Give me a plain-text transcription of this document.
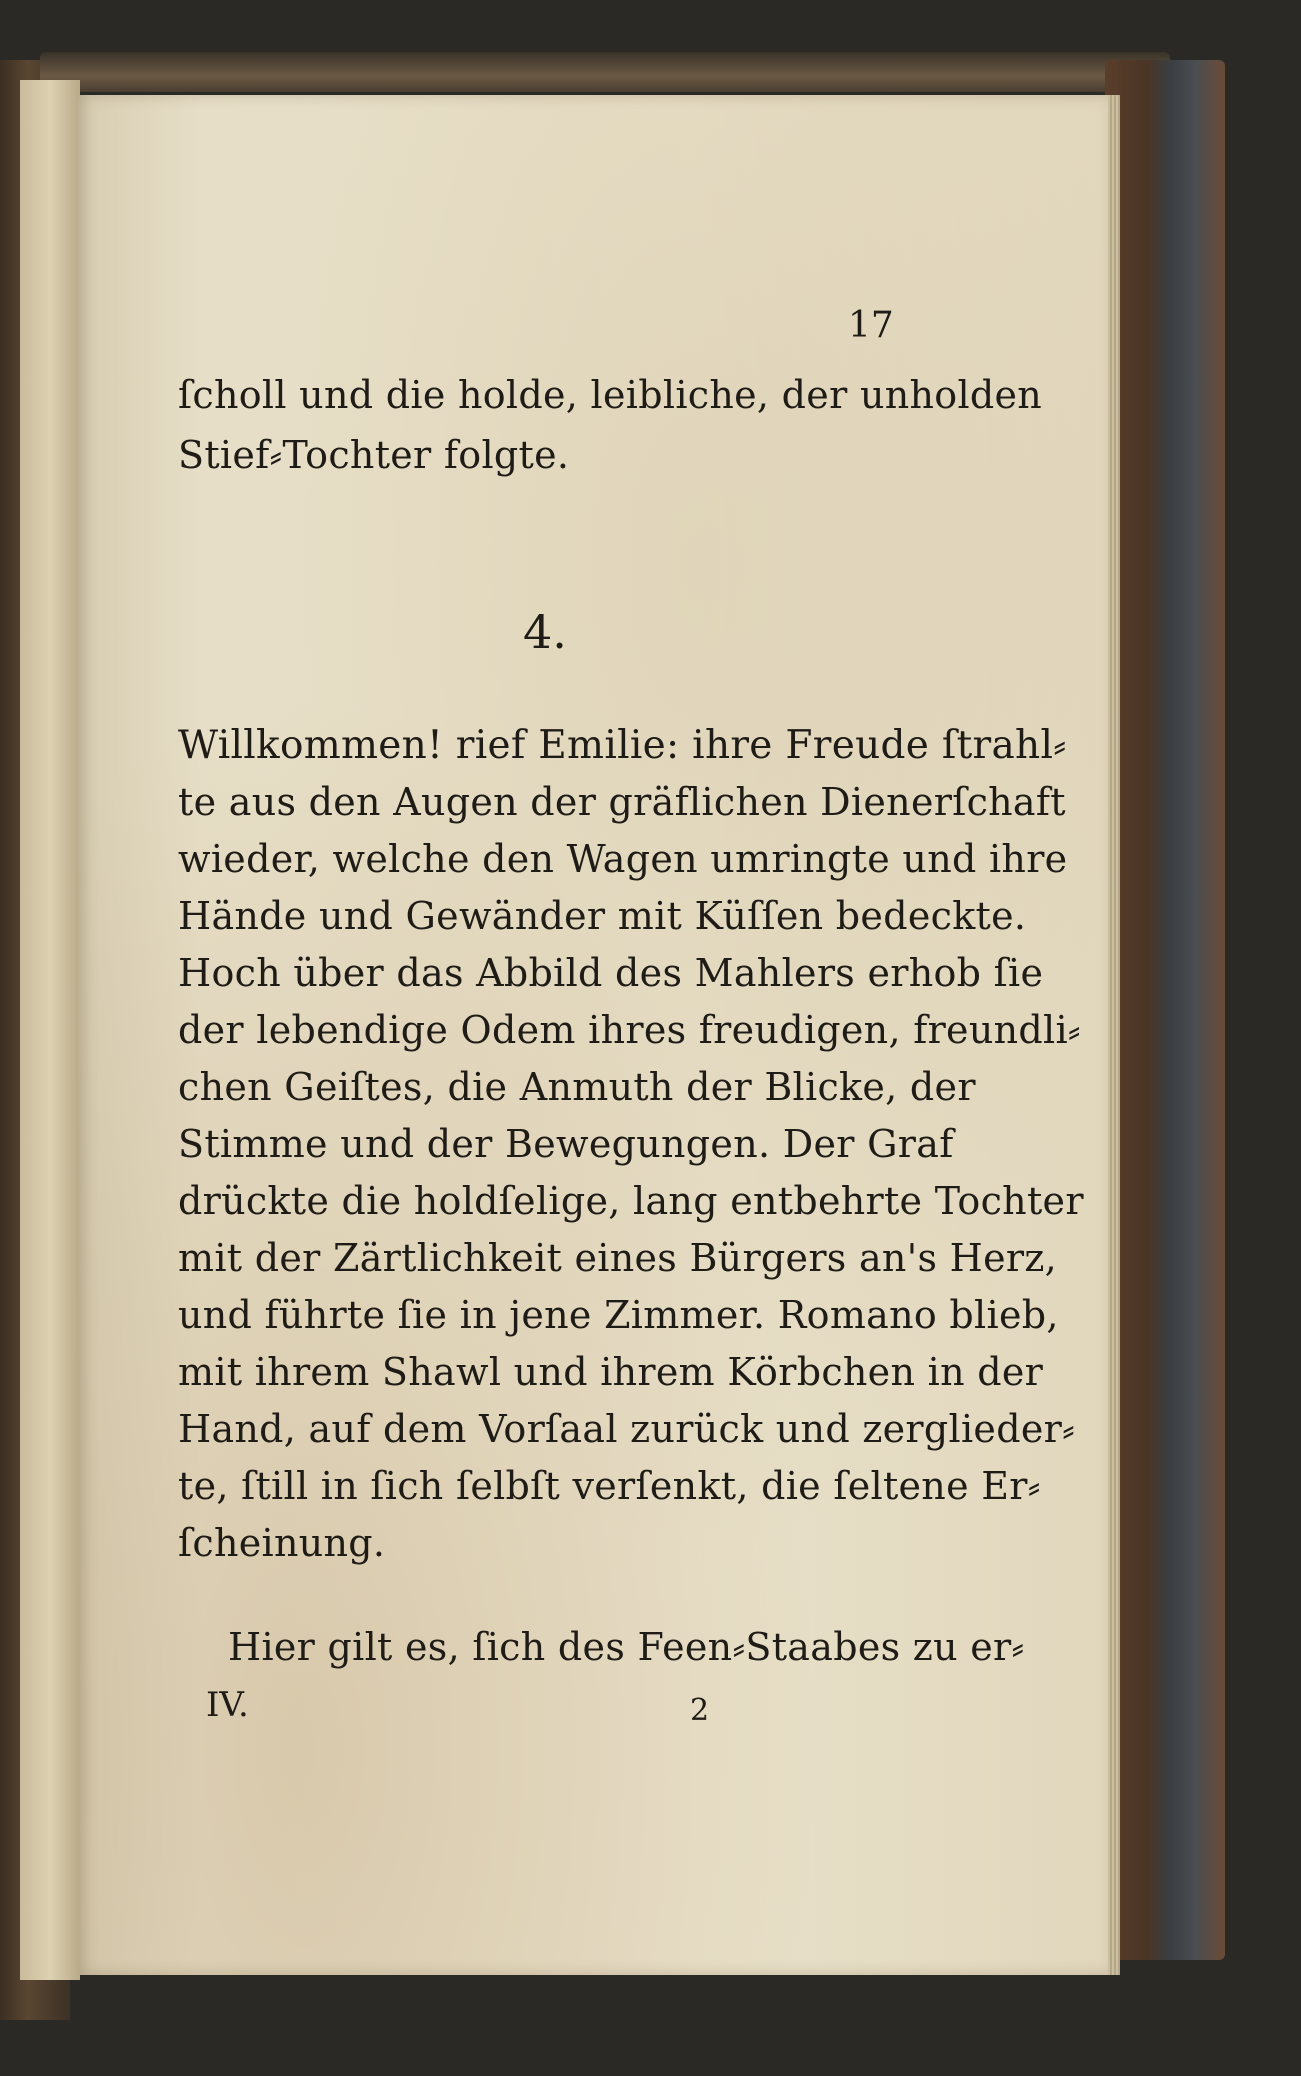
17
ſcholl und die holde, leibliche, der unholden
Stief⸗Tochter folgte.
4.
Willkommen! rief Emilie: ihre Freude ſtrahl⸗
te aus den Augen der gräflichen Dienerſchaft
wieder, welche den Wagen umringte und ihre
Hände und Gewänder mit Küſſen bedeckte.
Hoch über das Abbild des Mahlers erhob ſie
der lebendige Odem ihres freudigen, freundli⸗
chen Geiſtes, die Anmuth der Blicke, der
Stimme und der Bewegungen. Der Graf
drückte die holdſelige, lang entbehrte Tochter
mit der Zärtlichkeit eines Bürgers an's Herz,
und führte ſie in jene Zimmer. Romano blieb,
mit ihrem Shawl und ihrem Körbchen in der
Hand, auf dem Vorſaal zurück und zerglieder⸗
te, ſtill in ſich ſelbſt verſenkt, die ſeltene Er⸗
ſcheinung.
Hier gilt es, ſich des Feen⸗Staabes zu er⸗
IV.	2
